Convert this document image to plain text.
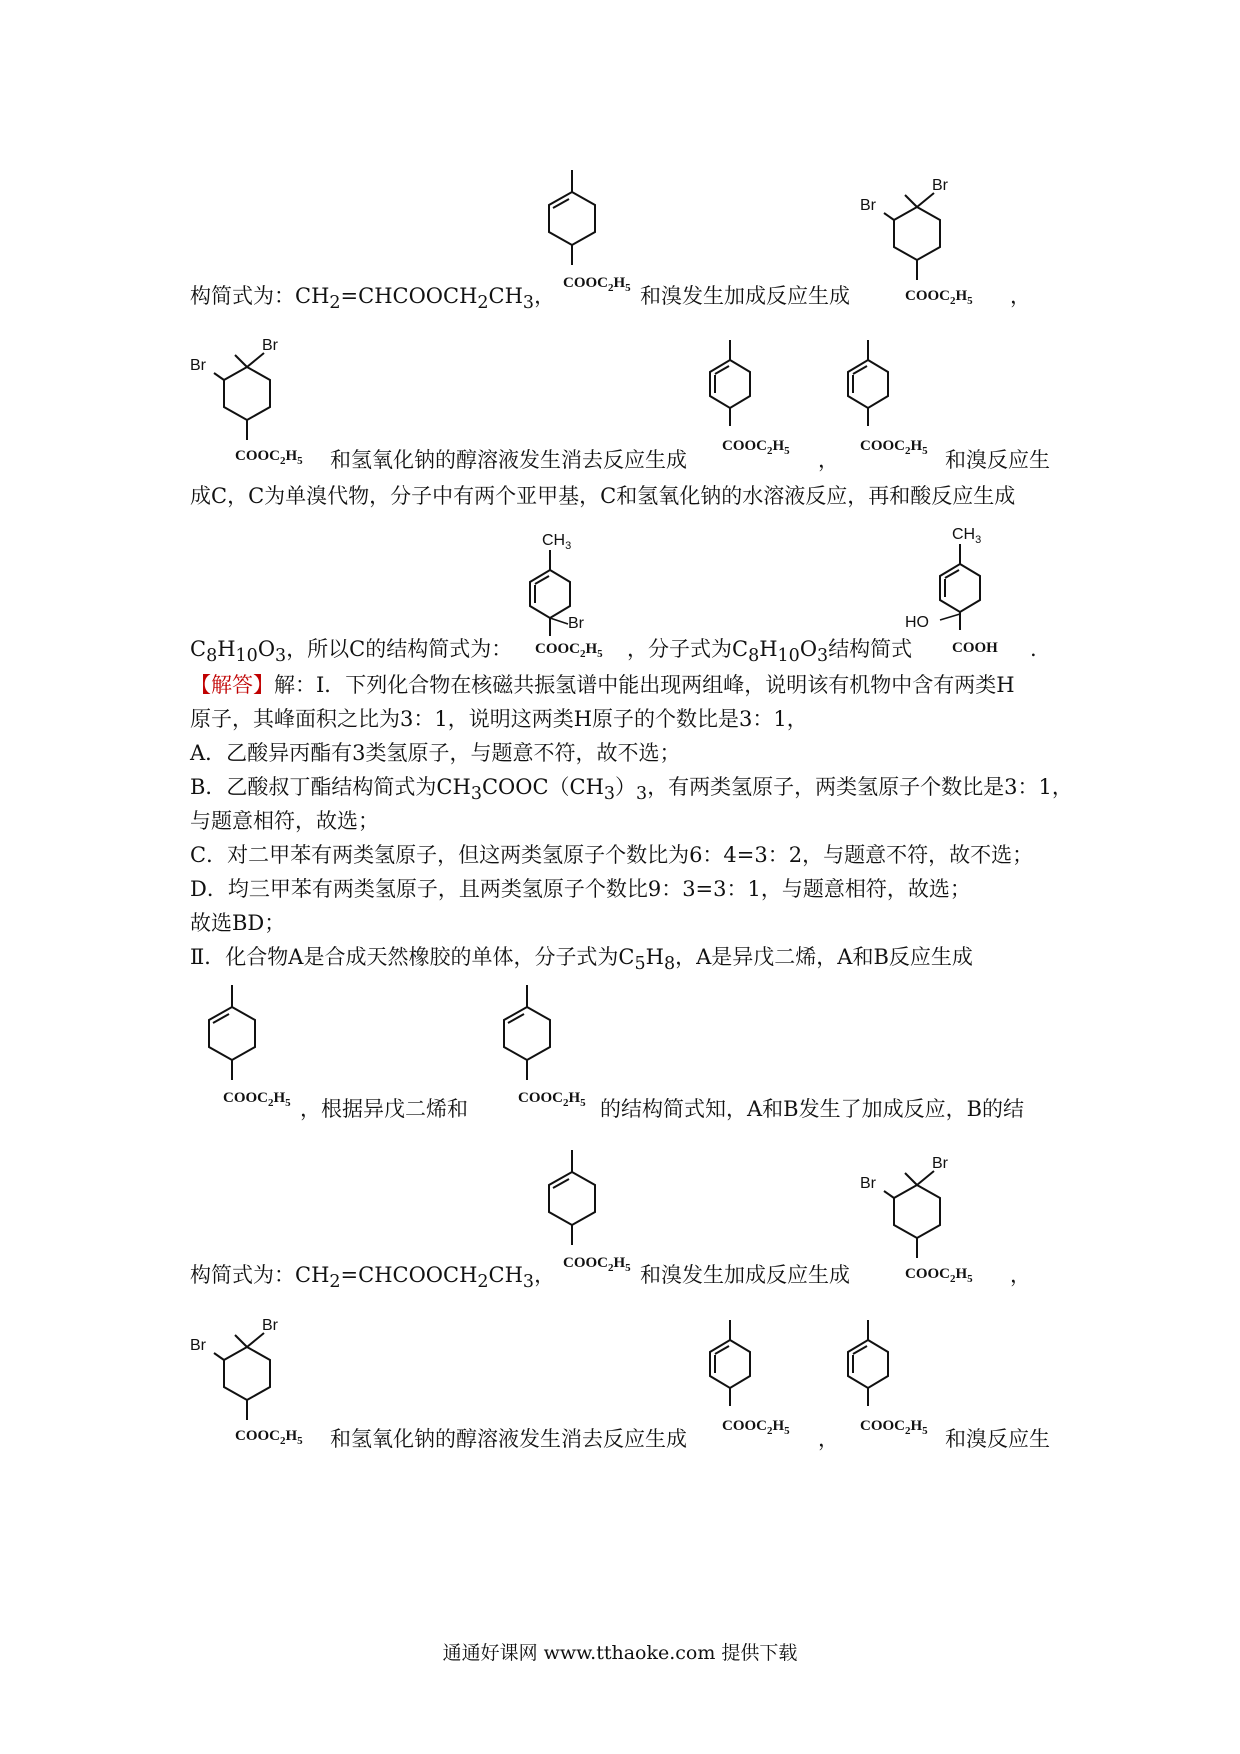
$COOC_2H_5$
构简式为：$CH_2=CHCOOCH_2CH_3$，	和溴发生加成反应生成
Br
Br
$COOC_2H_5$ ，
Br
Br
$COOC_2H_5$ 和氢氧化钠的醇溶液发生消去反应生成
$COOC_2H_5$ ，
$COOC_2H_5$ 和溴反应生
成C，C为单溴代物，分子中有两个亚甲基，C和氢氧化钠的水溶液反应，再和酸反应生成
$CH_3$
Br
$COOC_2H_5$
$C_8H_{10}O_3$，所以C的结构简式为：	，分子式为$C_8H_{10}O_3$结构简式
$CH_3$
HO
COOH .
【解答】解：Ⅰ．下列化合物在核磁共振氢谱中能出现两组峰，说明该有机物中含有两类H
原子，其峰面积之比为3：1，说明这两类H原子的个数比是3：1，
A．乙酸异丙酯有3类氢原子，与题意不符，故不选；
B．乙酸叔丁酯结构简式为$CH_3COOC(CH_3)_3$，有两类氢原子，两类氢原子个数比是3：1，
与题意相符，故选；
C．对二甲苯有两类氢原子，但这两类氢原子个数比为6：4=3：2，与题意不符，故不选；
D．均三甲苯有两类氢原子，且两类氢原子个数比9：3=3：1，与题意相符，故选；
故选BD；
Ⅱ．化合物A是合成天然橡胶的单体，分子式为$C_5H_8$，A是异戊二烯，A和B反应生成
$COOC_2H_5$ ，根据异戊二烯和	$COOC_2H_5$ 的结构简式知，A和B发生了加成反应，B的结
$COOC_2H_5$
构简式为：$CH_2=CHCOOCH_2CH_3$，	和溴发生加成反应生成
Br
Br
$COOC_2H_5$ ，
Br
Br
$COOC_2H_5$ 和氢氧化钠的醇溶液发生消去反应生成
$COOC_2H_5$ ，
$COOC_2H_5$ 和溴反应生
通通好课网 www.tthaoke.com 提供下载
